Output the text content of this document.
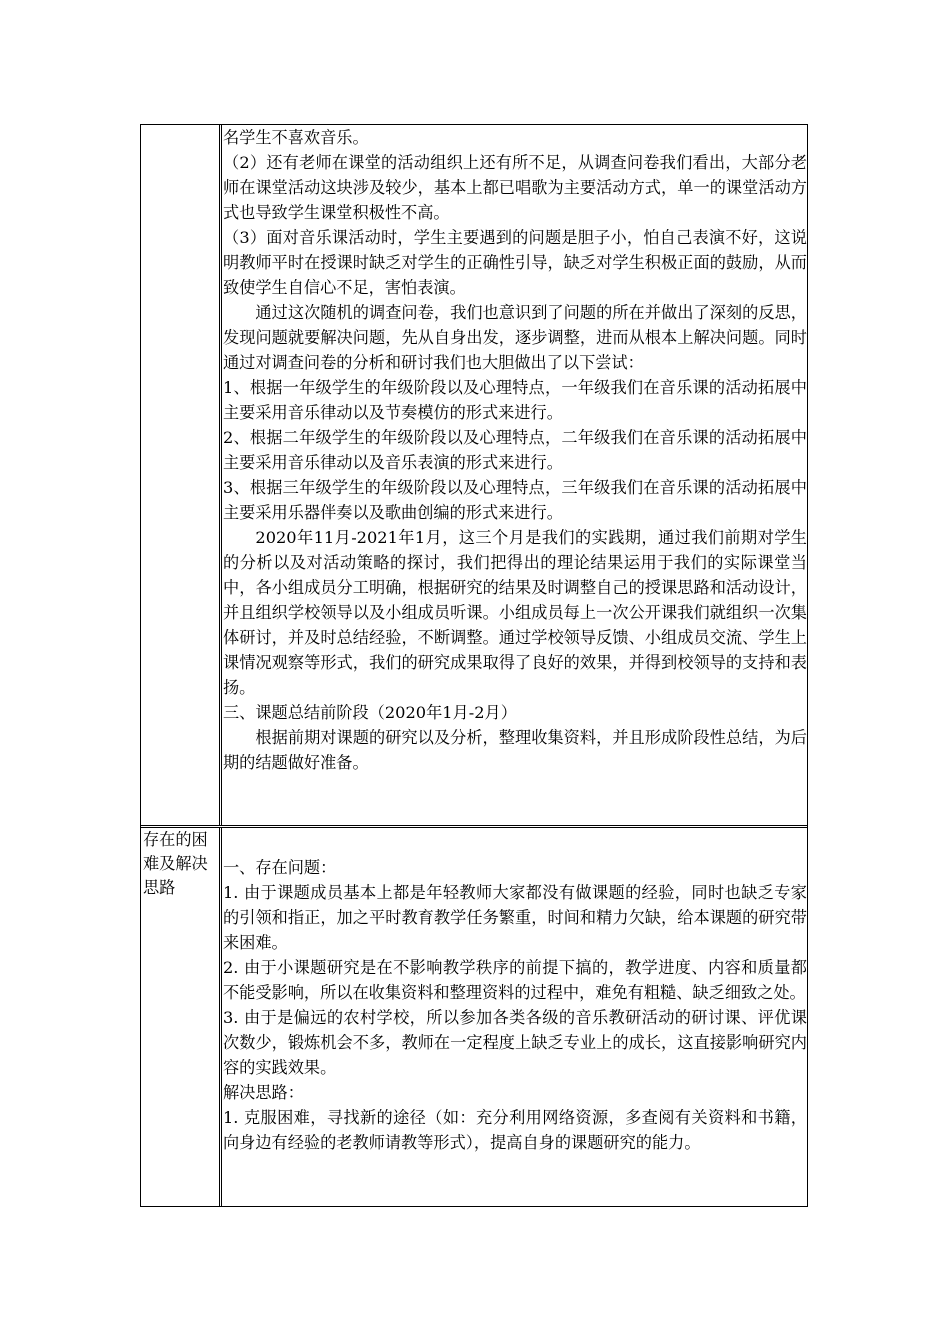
名学生不喜欢音乐。

（2）还有老师在课堂的活动组织上还有所不足，从调查问卷我们看出，大部分老师在课堂活动这块涉及较少，基本上都已唱歌为主要活动方式，单一的课堂活动方式也导致学生课堂积极性不高。

（3）面对音乐课活动时，学生主要遇到的问题是胆子小，怕自己表演不好，这说明教师平时在授课时缺乏对学生的正确性引导，缺乏对学生积极正面的鼓励，从而致使学生自信心不足，害怕表演。

通过这次随机的调查问卷，我们也意识到了问题的所在并做出了深刻的反思，发现问题就要解决问题，先从自身出发，逐步调整，进而从根本上解决问题。同时通过对调查问卷的分析和研讨我们也大胆做出了以下尝试：

1、根据一年级学生的年级阶段以及心理特点，一年级我们在音乐课的活动拓展中主要采用音乐律动以及节奏模仿的形式来进行。

2、根据二年级学生的年级阶段以及心理特点，二年级我们在音乐课的活动拓展中主要采用音乐律动以及音乐表演的形式来进行。

3、根据三年级学生的年级阶段以及心理特点，三年级我们在音乐课的活动拓展中主要采用乐器伴奏以及歌曲创编的形式来进行。

2020年11月-2021年1月，这三个月是我们的实践期，通过我们前期对学生的分析以及对活动策略的探讨，我们把得出的理论结果运用于我们的实际课堂当中，各小组成员分工明确，根据研究的结果及时调整自己的授课思路和活动设计，并且组织学校领导以及小组成员听课。小组成员每上一次公开课我们就组织一次集体研讨，并及时总结经验，不断调整。通过学校领导反馈、小组成员交流、学生上课情况观察等形式，我们的研究成果取得了良好的效果，并得到校领导的支持和表扬。

三、课题总结前阶段（2020年1月-2月）

根据前期对课题的研究以及分析，整理收集资料，并且形成阶段性总结，为后期的结题做好准备。

存在的困难及解决思路

一、存在问题：

1. 由于课题成员基本上都是年轻教师大家都没有做课题的经验，同时也缺乏专家的引领和指正，加之平时教育教学任务繁重，时间和精力欠缺，给本课题的研究带来困难。

2. 由于小课题研究是在不影响教学秩序的前提下搞的，教学进度、内容和质量都不能受影响，所以在收集资料和整理资料的过程中，难免有粗糙、缺乏细致之处。

3. 由于是偏远的农村学校，所以参加各类各级的音乐教研活动的研讨课、评优课次数少，锻炼机会不多，教师在一定程度上缺乏专业上的成长，这直接影响研究内容的实践效果。

解决思路：

1. 克服困难，寻找新的途径（如：充分利用网络资源，多查阅有关资料和书籍，向身边有经验的老教师请教等形式），提高自身的课题研究的能力。
